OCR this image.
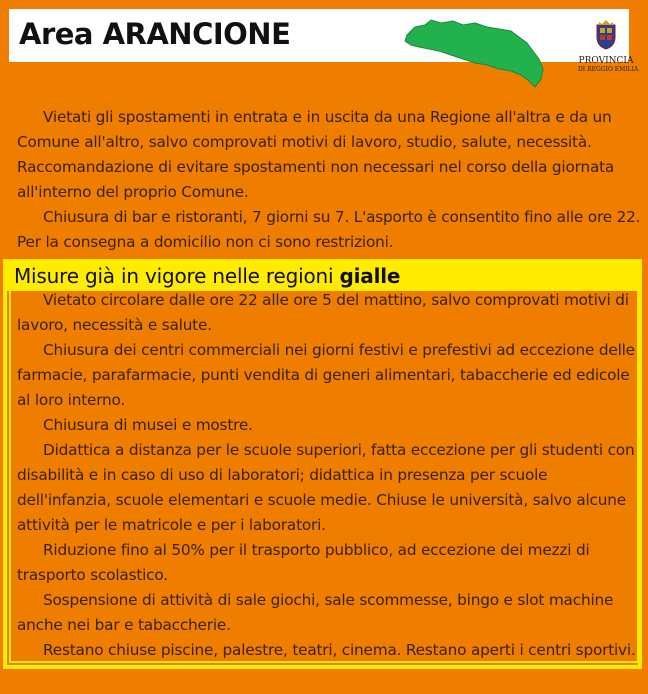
Area ARANCIONE
PROVINCIA
DI REGGIO EMILIA
Vietati gli spostamenti in entrata e in uscita da una Regione all'altra e da un Comune all'altro, salvo comprovati motivi di lavoro, studio, salute, necessità. Raccomandazione di evitare spostamenti non necessari nel corso della giornata all'interno del proprio Comune.
Chiusura di bar e ristoranti, 7 giorni su 7. L'asporto è consentito fino alle ore 22. Per la consegna a domicilio non ci sono restrizioni.
Misure già in vigore nelle regioni gialle
Vietato circolare dalle ore 22 alle ore 5 del mattino, salvo comprovati motivi di lavoro, necessità e salute.
Chiusura dei centri commerciali nei giorni festivi e prefestivi ad eccezione delle farmacie, parafarmacie, punti vendita di generi alimentari, tabaccherie ed edicole al loro interno.
Chiusura di musei e mostre.
Didattica a distanza per le scuole superiori, fatta eccezione per gli studenti con disabilità e in caso di uso di laboratori; didattica in presenza per scuole dell'infanzia, scuole elementari e scuole medie. Chiuse le università, salvo alcune attività per le matricole e per i laboratori.
Riduzione fino al 50% per il trasporto pubblico, ad eccezione dei mezzi di trasporto scolastico.
Sospensione di attività di sale giochi, sale scommesse, bingo e slot machine anche nei bar e tabaccherie.
Restano chiuse piscine, palestre, teatri, cinema. Restano aperti i centri sportivi.
